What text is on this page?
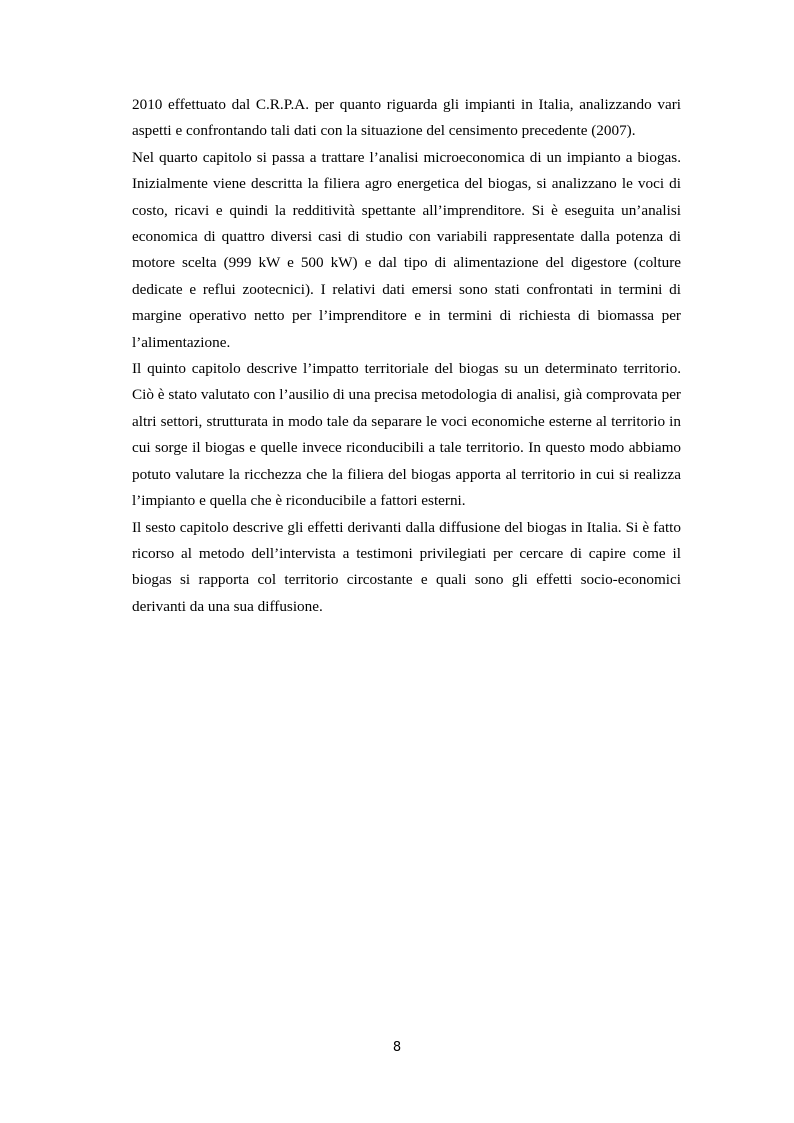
2010 effettuato dal C.R.P.A. per quanto riguarda gli impianti in Italia, analizzando vari aspetti e confrontando tali dati con la situazione del censimento precedente (2007).

Nel quarto capitolo si passa a trattare l’analisi microeconomica di un impianto a biogas. Inizialmente viene descritta la filiera agro energetica del biogas, si analizzano le voci di costo, ricavi e quindi la redditività spettante all’imprenditore. Si è eseguita un’analisi economica di quattro diversi casi di studio con variabili rappresentate dalla potenza di motore scelta (999 kW e 500 kW) e dal tipo di alimentazione del digestore (colture dedicate e reflui zootecnici). I relativi dati emersi sono stati confrontati in termini di margine operativo netto per l’imprenditore e in termini di richiesta di biomassa per l’alimentazione.

Il quinto capitolo descrive l’impatto territoriale del biogas su un determinato territorio. Ciò è stato valutato con l’ausilio di una precisa metodologia di analisi, già comprovata per altri settori, strutturata in modo tale da separare le voci economiche esterne al territorio in cui sorge il biogas e quelle invece riconducibili a tale territorio. In questo modo abbiamo potuto valutare la ricchezza che la filiera del biogas apporta al territorio in cui si realizza l’impianto e quella che è riconducibile a fattori esterni.

Il sesto capitolo descrive gli effetti derivanti dalla diffusione del biogas in Italia. Si è fatto ricorso al metodo dell’intervista a testimoni privilegiati per cercare di capire come il biogas si rapporta col territorio circostante e quali sono gli effetti socio-economici derivanti da una sua diffusione.

8
